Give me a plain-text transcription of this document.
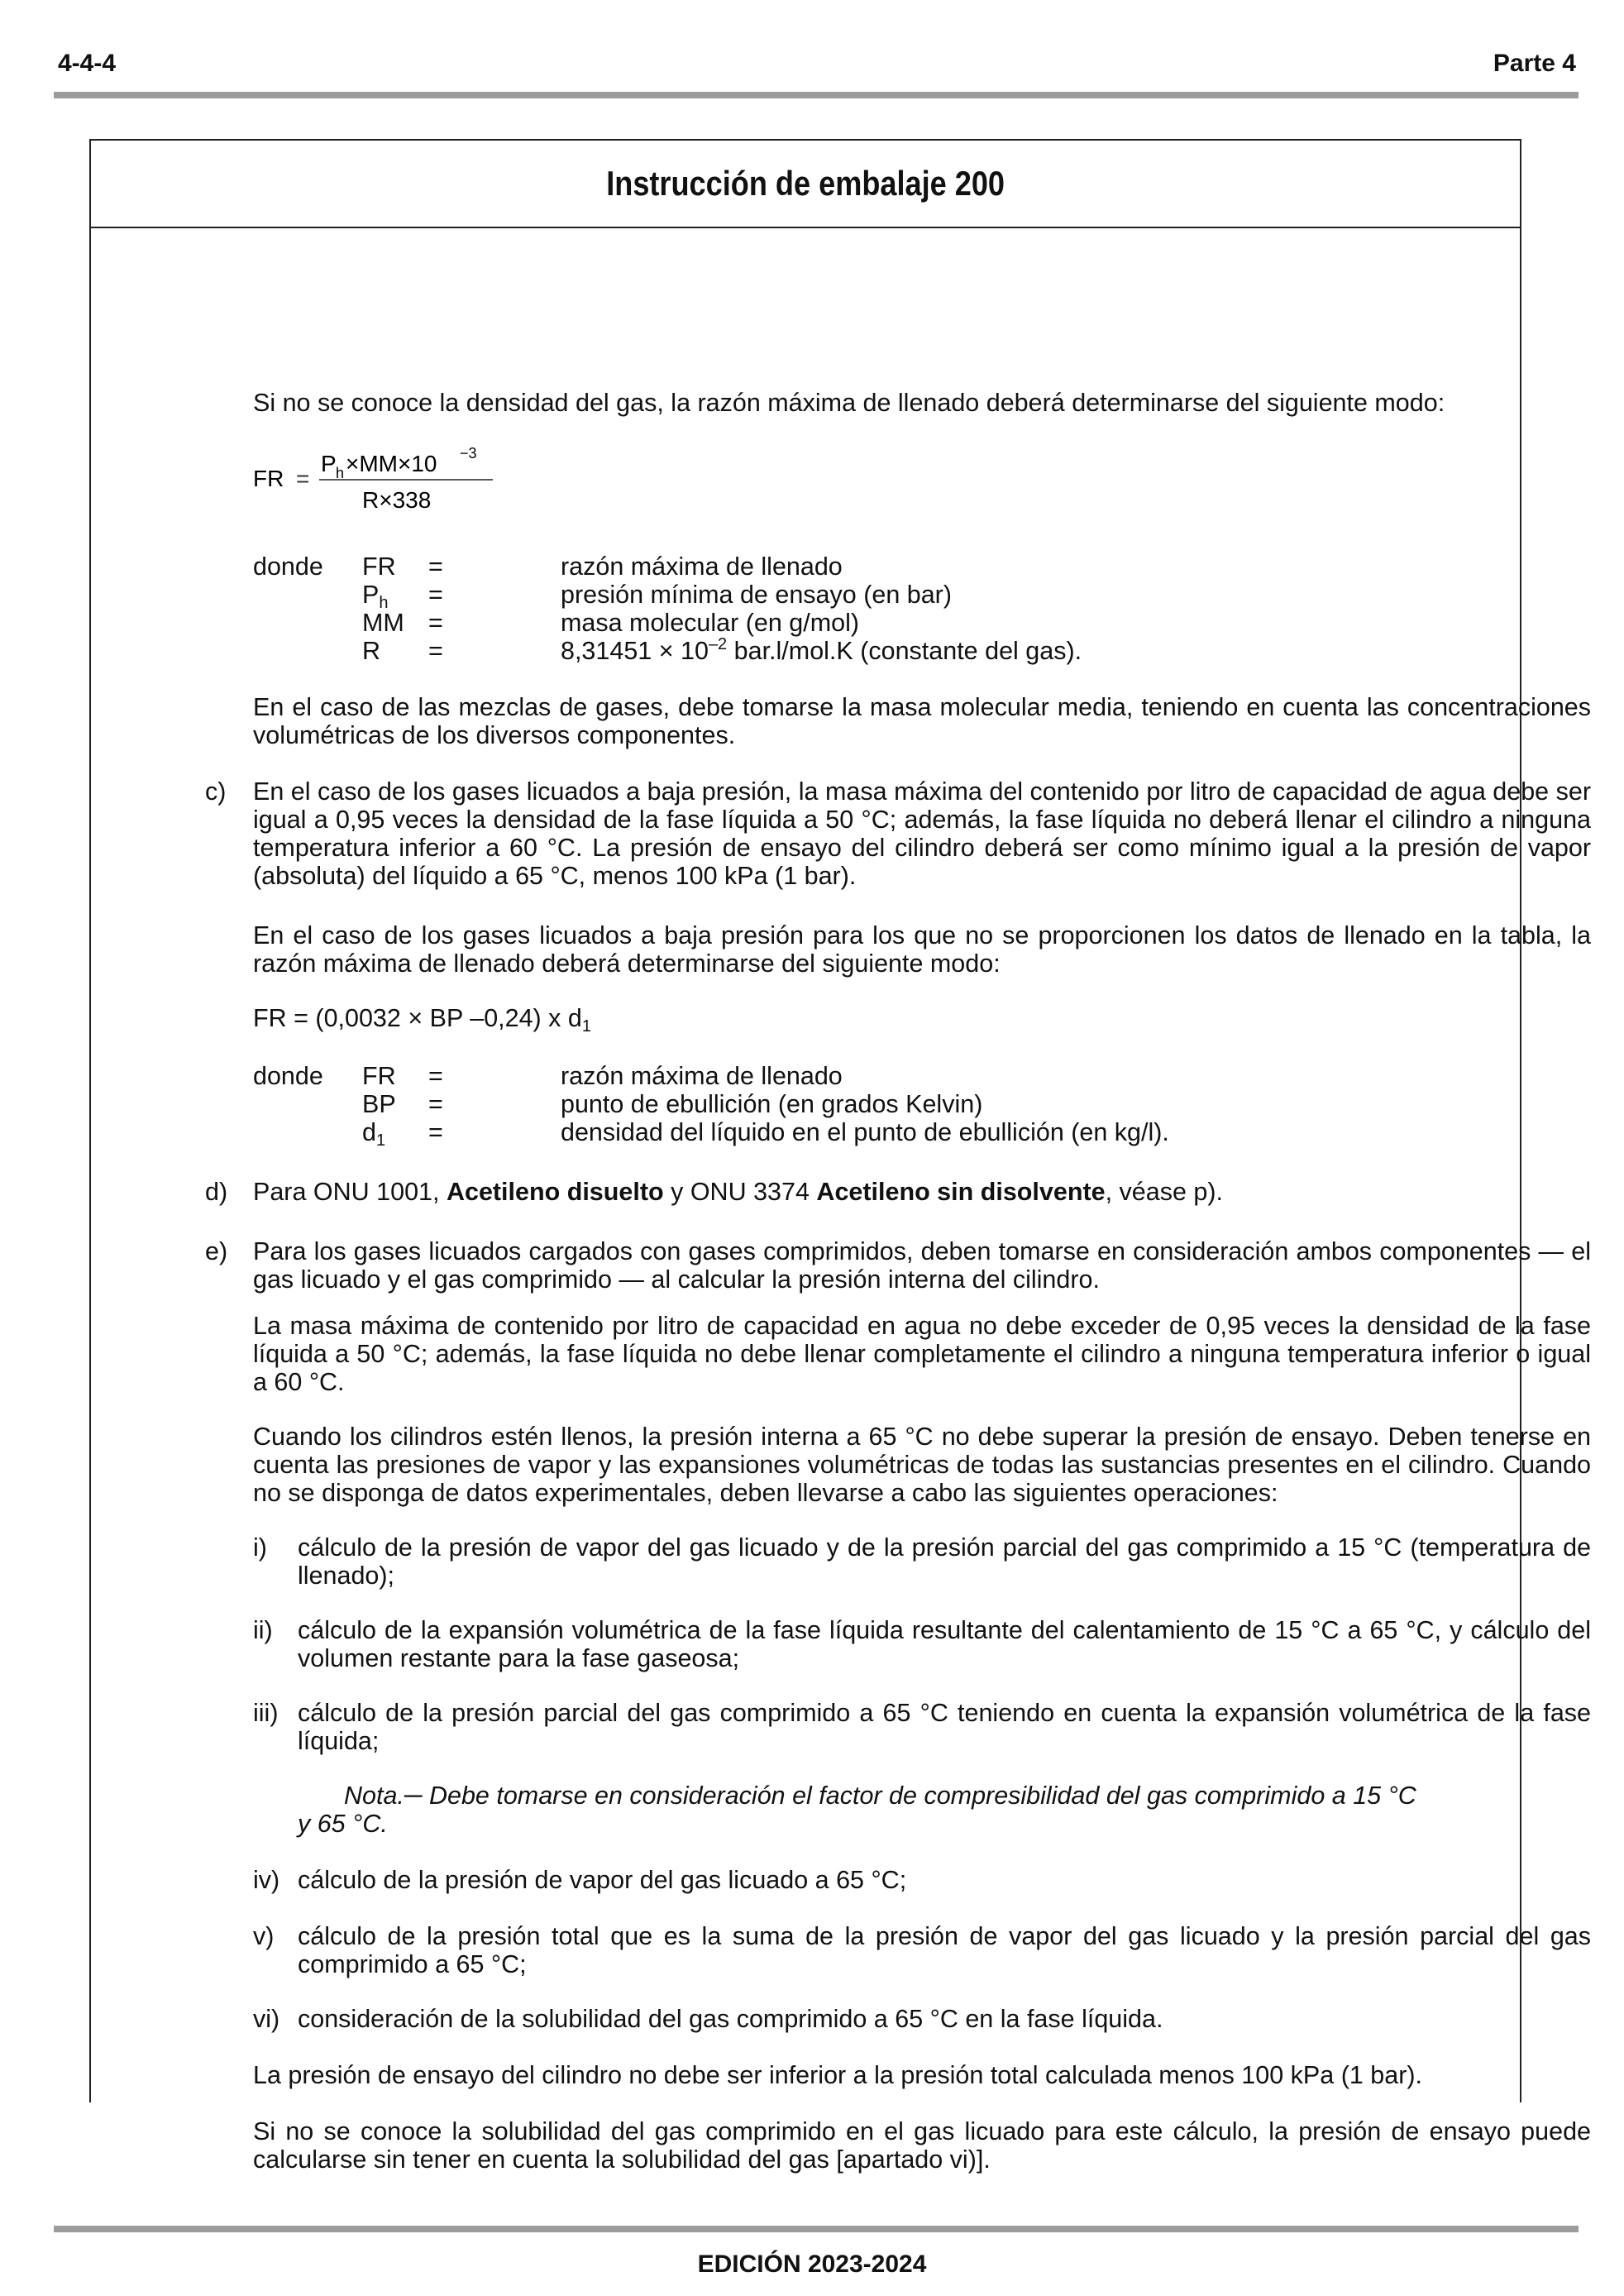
4-4-4	Parte 4
Instrucción de embalaje 200

Si no se conoce la densidad del gas, la razón máxima de llenado deberá determinarse del siguiente modo:

FR =
P h ×MM×10 −3
R×338
donde FR =	razón máxima de llenado
Ph =	presión mínima de ensayo (en bar)
MM =	masa molecular (en g/mol)
R =	$8,31451 \times 10^{-2}$ bar.l/mol.K (constante del gas).

En el caso de las mezclas de gases, debe tomarse la masa molecular media, teniendo en cuenta las concentraciones volumétricas de los diversos componentes.

c) En el caso de los gases licuados a baja presión, la masa máxima del contenido por litro de capacidad de agua debe ser igual a 0,95 veces la densidad de la fase líquida a 50 °C; además, la fase líquida no deberá llenar el cilindro a ninguna temperatura inferior a 60 °C. La presión de ensayo del cilindro deberá ser como mínimo igual a la presión de vapor (absoluta) del líquido a 65 °C, menos 100 kPa (1 bar).

En el caso de los gases licuados a baja presión para los que no se proporcionen los datos de llenado en la tabla, la razón máxima de llenado deberá determinarse del siguiente modo:

FR = (0,0032 × BP –0,24) x d1
donde FR =	razón máxima de llenado
BP =	punto de ebullición (en grados Kelvin)
d1 =	densidad del líquido en el punto de ebullición (en kg/l).
d) Para ONU 1001, Acetileno disuelto y ONU 3374 Acetileno sin disolvente, véase p).
e) Para los gases licuados cargados con gases comprimidos, deben tomarse en consideración ambos componentes — el gas licuado y el gas comprimido — al calcular la presión interna del cilindro.

La masa máxima de contenido por litro de capacidad en agua no debe exceder de 0,95 veces la densidad de la fase líquida a 50 °C; además, la fase líquida no debe llenar completamente el cilindro a ninguna temperatura inferior o igual a 60 °C.

Cuando los cilindros estén llenos, la presión interna a 65 °C no debe superar la presión de ensayo. Deben tenerse en cuenta las presiones de vapor y las expansiones volumétricas de todas las sustancias presentes en el cilindro. Cuando no se disponga de datos experimentales, deben llevarse a cabo las siguientes operaciones:

i) cálculo de la presión de vapor del gas licuado y de la presión parcial del gas comprimido a 15 °C (temperatura de llenado);

ii) cálculo de la expansión volumétrica de la fase líquida resultante del calentamiento de 15 °C a 65 °C, y cálculo del volumen restante para la fase gaseosa;

iii) cálculo de la presión parcial del gas comprimido a 65 °C teniendo en cuenta la expansión volumétrica de la fase líquida;

Nota.─ Debe tomarse en consideración el factor de compresibilidad del gas comprimido a 15 °C

y 65 °C.

iv) cálculo de la presión de vapor del gas licuado a 65 °C;

v) cálculo de la presión total que es la suma de la presión de vapor del gas licuado y la presión parcial del gas comprimido a 65 °C;

vi) consideración de la solubilidad del gas comprimido a 65 °C en la fase líquida.

La presión de ensayo del cilindro no debe ser inferior a la presión total calculada menos 100 kPa (1 bar).

Si no se conoce la solubilidad del gas comprimido en el gas licuado para este cálculo, la presión de ensayo puede calcularse sin tener en cuenta la solubilidad del gas [apartado vi)].

EDICIÓN 2023-2024
